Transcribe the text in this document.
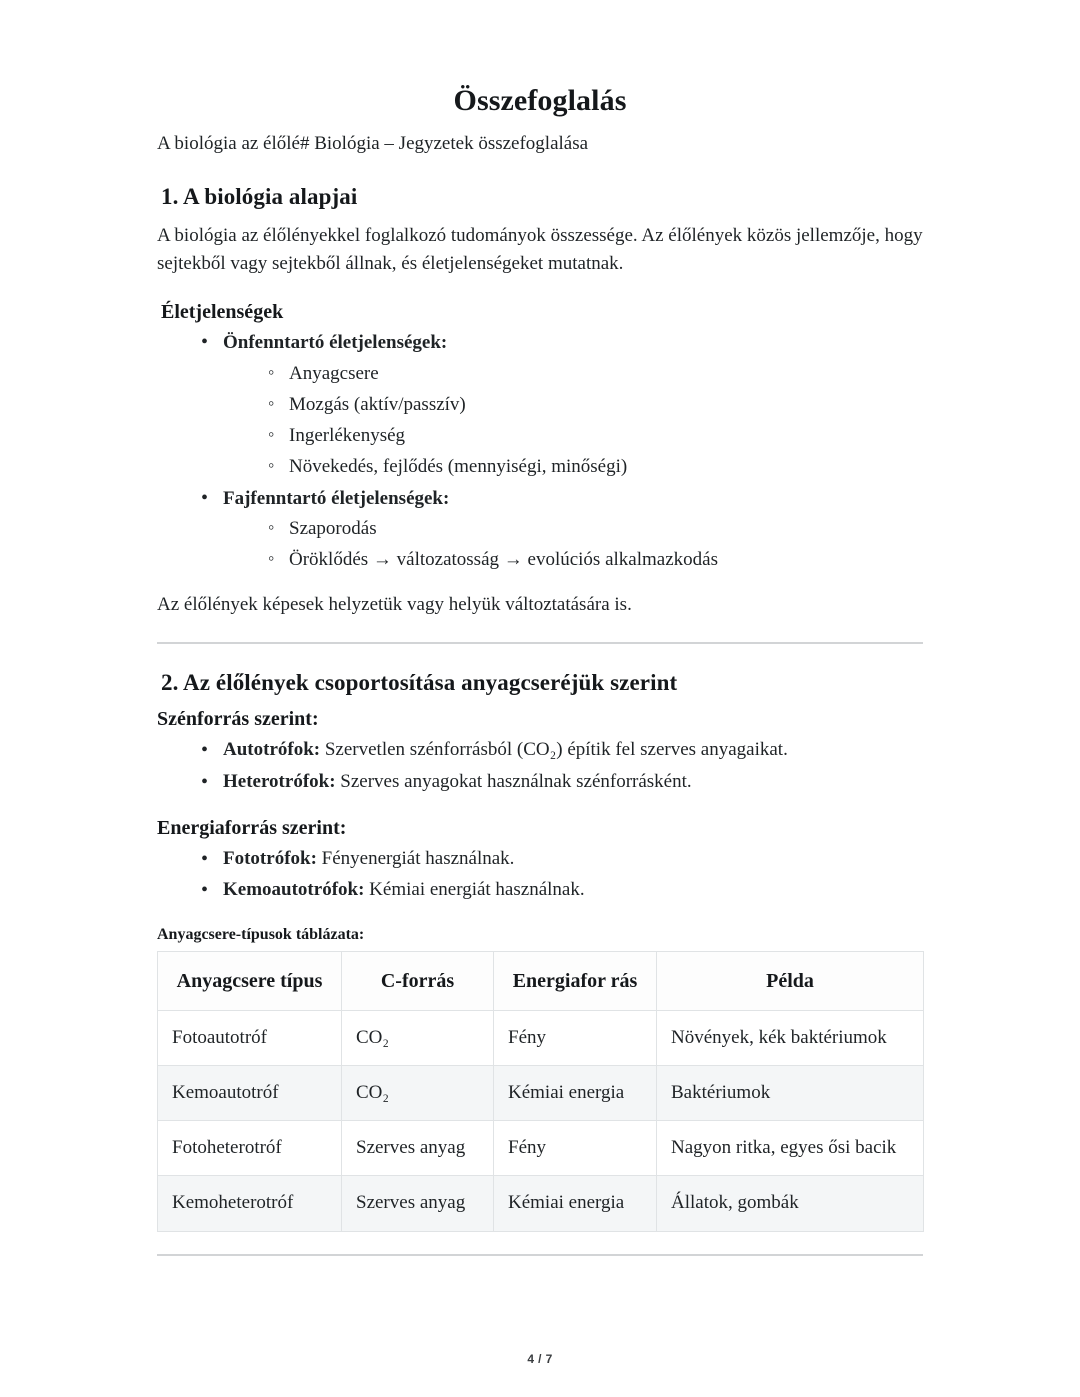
Összefoglalás

A biológia az élőlé# Biológia – Jegyzetek összefoglalása

1. A biológia alapjai

A biológia az élőlényekkel foglalkozó tudományok összessége. Az élőlények közös jellemzője, hogy sejtekből vagy sejtekből állnak, és életjelenségeket mutatnak.

Életjelenségek
• Önfenntartó életjelenségek:
◦ Anyagcsere
◦ Mozgás (aktív/passzív)
◦ Ingerlékenység
◦ Növekedés, fejlődés (mennyiségi, minőségi)
• Fajfenntartó életjelenségek:
◦ Szaporodás
◦ Öröklődés → változatosság → evolúciós alkalmazkodás

Az élőlények képesek helyzetük vagy helyük változtatására is.

2. Az élőlények csoportosítása anyagcseréjük szerint
Szénforrás szerint:
• Autotrófok: Szervetlen szénforrásból (CO₂) építik fel szerves anyagaikat.
• Heterotrófok: Szerves anyagokat használnak szénforrásként.
Energiaforrás szerint:
• Fototrófok: Fényenergiát használnak.
• Kemoautotrófok: Kémiai energiát használnak.
Anyagcsere-típusok táblázata:
Anyagcsere típus	C-forrás	Energiafor rás	Példa
Fotoautotróf	CO₂	Fény	Növények, kék baktériumok
Kemoautotróf	CO₂	Kémiai energia	Baktériumok
Fotoheterotróf	Szerves anyag	Fény	Nagyon ritka, egyes ősi bacik
Kemoheterotróf	Szerves anyag	Kémiai energia	Állatok, gombák
4 / 7
